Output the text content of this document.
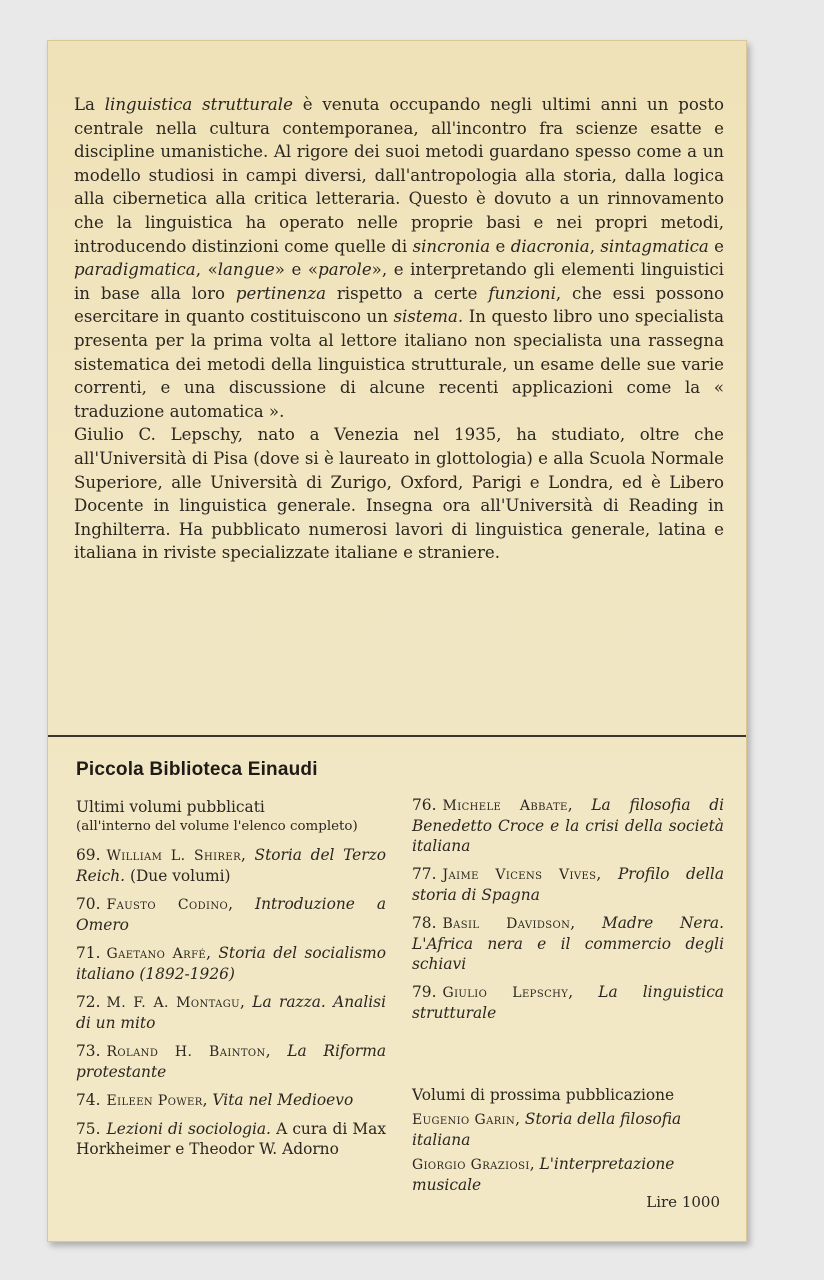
La linguistica strutturale è venuta occupando negli ultimi anni un posto centrale nella cultura contemporanea, all'incontro fra scienze esatte e discipline umanistiche. Al rigore dei suoi metodi guardano spesso come a un modello studiosi in campi diversi, dall'antropologia alla storia, dalla logica alla cibernetica alla critica letteraria. Questo è dovuto a un rinnovamento che la linguistica ha operato nelle proprie basi e nei propri metodi, introducendo distinzioni come quelle di sincronia e diacronia, sintagmatica e paradigmatica, «langue» e «parole», e interpretando gli elementi linguistici in base alla loro pertinenza rispetto a certe funzioni, che essi possono esercitare in quanto costituiscono un sistema. In questo libro uno specialista presenta per la prima volta al lettore italiano non specialista una rassegna sistematica dei metodi della linguistica strutturale, un esame delle sue varie correnti, e una discussione di alcune recenti applicazioni come la « traduzione automatica ».

Giulio C. Lepschy, nato a Venezia nel 1935, ha studiato, oltre che all'Università di Pisa (dove si è laureato in glottologia) e alla Scuola Normale Superiore, alle Università di Zurigo, Oxford, Parigi e Londra, ed è Libero Docente in linguistica generale. Insegna ora all'Università di Reading in Inghilterra. Ha pubblicato numerosi lavori di linguistica generale, latina e italiana in riviste specializzate italiane e straniere.

Piccola Biblioteca Einaudi
Ultimi volumi pubblicati
(all'interno del volume l'elenco completo)
69. William L. Shirer, Storia del Terzo Reich. (Due volumi)
70. Fausto Codino, Introduzione a Omero
71. Gaetano Arfé, Storia del socialismo italiano (1892-1926)
72. M. F. A. Montagu, La razza. Analisi di un mito
73. Roland H. Bainton, La Riforma protestante
74. Eileen Power, Vita nel Medioevo
75. Lezioni di sociologia. A cura di Max Horkheimer e Theodor W. Adorno
76. Michele Abbate, La filosofia di Benedetto Croce e la crisi della società italiana
77. Jaime Vicens Vives, Profilo della storia di Spagna
78. Basil Davidson, Madre Nera. L'Africa nera e il commercio degli schiavi
79. Giulio Lepschy, La linguistica strutturale
Volumi di prossima pubblicazione
Eugenio Garin, Storia della filosofia italiana
Giorgio Graziosi, L'interpretazione musicale
Lire 1000
